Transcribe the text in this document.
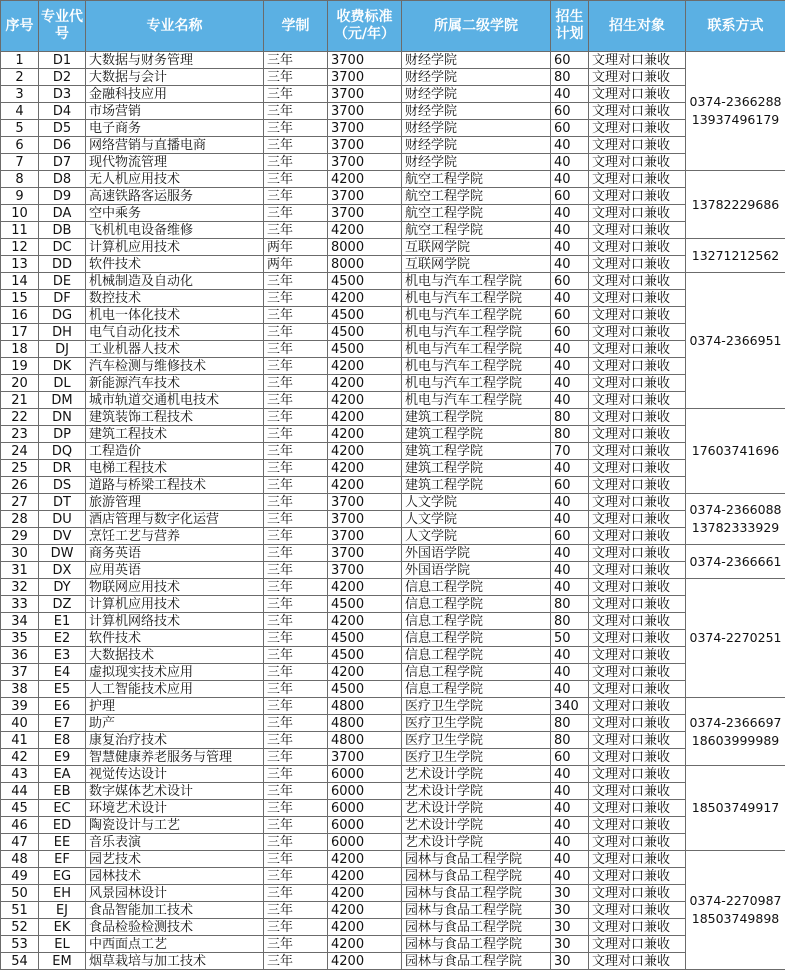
序号	专业代号	专业名称	学制	收费标准（元/年）	所属二级学院	招生计划	招生对象	联系方式
1	D1	大数据与财务管理	三年	3700	财经学院	60	文理对口兼收	0374-2366288
13937496179

2	D2	大数据与会计	三年	3700	财经学院	80	文理对口兼收	
3	D3	金融科技应用	三年	3700	财经学院	40	文理对口兼收	
4	D4	市场营销	三年	3700	财经学院	60	文理对口兼收	
5	D5	电子商务	三年	3700	财经学院	60	文理对口兼收	
6	D6	网络营销与直播电商	三年	3700	财经学院	40	文理对口兼收	
7	D7	现代物流管理	三年	3700	财经学院	40	文理对口兼收	
8	D8	无人机应用技术	三年	4200	航空工程学院	40	文理对口兼收	13782229686

9	D9	高速铁路客运服务	三年	3700	航空工程学院	60	文理对口兼收	
10	DA	空中乘务	三年	3700	航空工程学院	40	文理对口兼收	
11	DB	飞机机电设备维修	三年	4200	航空工程学院	40	文理对口兼收	
12	DC	计算机应用技术	两年	8000	互联网学院	40	文理对口兼收	13271212562

13	DD	软件技术	两年	8000	互联网学院	40	文理对口兼收	
14	DE	机械制造及自动化	三年	4500	机电与汽车工程学院	60	文理对口兼收	0374-2366951

15	DF	数控技术	三年	4200	机电与汽车工程学院	40	文理对口兼收	
16	DG	机电一体化技术	三年	4500	机电与汽车工程学院	60	文理对口兼收	
17	DH	电气自动化技术	三年	4500	机电与汽车工程学院	60	文理对口兼收	
18	DJ	工业机器人技术	三年	4500	机电与汽车工程学院	40	文理对口兼收	
19	DK	汽车检测与维修技术	三年	4200	机电与汽车工程学院	40	文理对口兼收	
20	DL	新能源汽车技术	三年	4200	机电与汽车工程学院	40	文理对口兼收	
21	DM	城市轨道交通机电技术	三年	4200	机电与汽车工程学院	40	文理对口兼收	
22	DN	建筑装饰工程技术	三年	4200	建筑工程学院	80	文理对口兼收	17603741696

23	DP	建筑工程技术	三年	4200	建筑工程学院	80	文理对口兼收	
24	DQ	工程造价	三年	4200	建筑工程学院	70	文理对口兼收	
25	DR	电梯工程技术	三年	4200	建筑工程学院	40	文理对口兼收	
26	DS	道路与桥梁工程技术	三年	4200	建筑工程学院	60	文理对口兼收	
27	DT	旅游管理	三年	3700	人文学院	40	文理对口兼收	0374-2366088
13782333929

28	DU	酒店管理与数字化运营	三年	3700	人文学院	40	文理对口兼收	
29	DV	烹饪工艺与营养	三年	3700	人文学院	60	文理对口兼收	
30	DW	商务英语	三年	3700	外国语学院	40	文理对口兼收	0374-2366661

31	DX	应用英语	三年	3700	外国语学院	40	文理对口兼收	
32	DY	物联网应用技术	三年	4200	信息工程学院	40	文理对口兼收	0374-2270251

33	DZ	计算机应用技术	三年	4500	信息工程学院	80	文理对口兼收	
34	E1	计算机网络技术	三年	4200	信息工程学院	80	文理对口兼收	
35	E2	软件技术	三年	4500	信息工程学院	50	文理对口兼收	
36	E3	大数据技术	三年	4500	信息工程学院	40	文理对口兼收	
37	E4	虚拟现实技术应用	三年	4200	信息工程学院	40	文理对口兼收	
38	E5	人工智能技术应用	三年	4500	信息工程学院	40	文理对口兼收	
39	E6	护理	三年	4800	医疗卫生学院	340	文理对口兼收	0374-2366697
18603999989

40	E7	助产	三年	4800	医疗卫生学院	80	文理对口兼收	
41	E8	康复治疗技术	三年	4800	医疗卫生学院	80	文理对口兼收	
42	E9	智慧健康养老服务与管理	三年	3700	医疗卫生学院	60	文理对口兼收	
43	EA	视觉传达设计	三年	6000	艺术设计学院	40	文理对口兼收	18503749917

44	EB	数字媒体艺术设计	三年	6000	艺术设计学院	40	文理对口兼收	
45	EC	环境艺术设计	三年	6000	艺术设计学院	40	文理对口兼收	
46	ED	陶瓷设计与工艺	三年	6000	艺术设计学院	40	文理对口兼收	
47	EE	音乐表演	三年	6000	艺术设计学院	40	文理对口兼收	
48	EF	园艺技术	三年	4200	园林与食品工程学院	40	文理对口兼收	0374-2270987
18503749898

49	EG	园林技术	三年	4200	园林与食品工程学院	40	文理对口兼收	
50	EH	风景园林设计	三年	4200	园林与食品工程学院	30	文理对口兼收	
51	EJ	食品智能加工技术	三年	4200	园林与食品工程学院	30	文理对口兼收	
52	EK	食品检验检测技术	三年	4200	园林与食品工程学院	30	文理对口兼收	
53	EL	中西面点工艺	三年	4200	园林与食品工程学院	30	文理对口兼收	
54	EM	烟草栽培与加工技术	三年	4200	园林与食品工程学院	30	文理对口兼收	
